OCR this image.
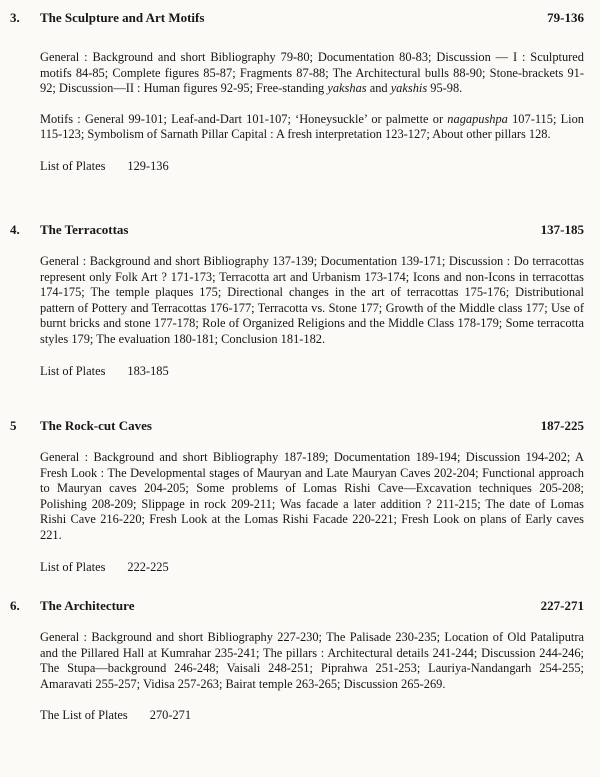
3. The Sculpture and Art Motifs	79-136

General : Background and short Bibliography 79-80; Documentation 80-83; Discussion — I : Sculptured motifs 84-85; Complete figures 85-87; Fragments 87-88; The Architectural bulls 88-90; Stone-brackets 91-92; Discussion—II : Human figures 92-95; Free-standing yakshas and yakshis 95-98.

Motifs : General 99-101; Leaf-and-Dart 101-107; ‘Honeysuckle’ or palmette or nagapushpa 107-115; Lion 115-123; Symbolism of Sarnath Pillar Capital : A fresh interpretation 123-127; About other pillars 128.

List of Plates 129-136

4. The Terracottas	137-185

General : Background and short Bibliography 137-139; Documentation 139-171; Discussion : Do terracottas represent only Folk Art ? 171-173; Terracotta art and Urbanism 173-174; Icons and non-Icons in terracottas 174-175; The temple plaques 175; Directional changes in the art of terracottas 175-176; Distributional pattern of Pottery and Terracottas 176-177; Terracotta vs. Stone 177; Growth of the Middle class 177; Use of burnt bricks and stone 177-178; Role of Organized Religions and the Middle Class 178-179; Some terracotta styles 179; The evaluation 180-181; Conclusion 181-182.

List of Plates 183-185

5 The Rock-cut Caves	187-225

General : Background and short Bibliography 187-189; Documentation 189-194; Discussion 194-202; A Fresh Look : The Developmental stages of Mauryan and Late Mauryan Caves 202-204; Functional approach to Mauryan caves 204-205; Some problems of Lomas Rishi Cave—Excavation techniques 205-208; Polishing 208-209; Slippage in rock 209-211; Was facade a later addition ? 211-215; The date of Lomas Rishi Cave 216-220; Fresh Look at the Lomas Rishi Facade 220-221; Fresh Look on plans of Early caves 221.

List of Plates 222-225

6. The Architecture	227-271

General : Background and short Bibliography 227-230; The Palisade 230-235; Location of Old Pataliputra and the Pillared Hall at Kumrahar 235-241; The pillars : Architectural details 241-244; Discussion 244-246; The Stupa—background 246-248; Vaisali 248-251; Piprahwa 251-253; Lauriya-Nandangarh 254-255; Amaravati 255-257; Vidisa 257-263; Bairat temple 263-265; Discussion 265-269.

The List of Plates 270-271
